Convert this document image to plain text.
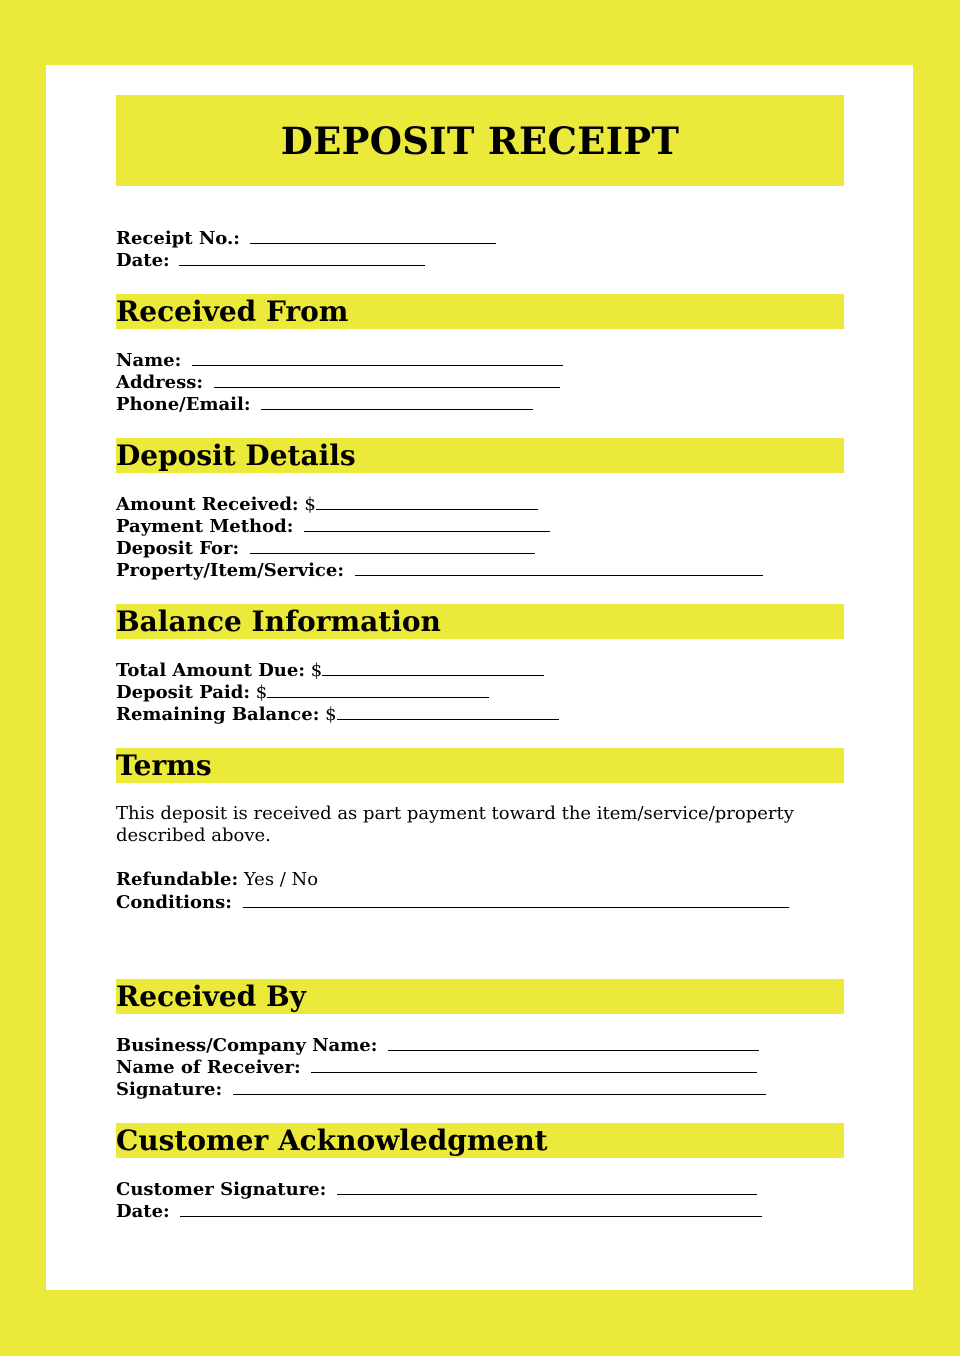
DEPOSIT RECEIPT
Receipt No.:
Date:
Received From
Name:
Address:
Phone/Email:
Deposit Details
Amount Received: $
Payment Method:
Deposit For:
Property/Item/Service:
Balance Information
Total Amount Due: $
Deposit Paid: $
Remaining Balance: $
Terms
This deposit is received as part payment toward the item/service/property described above.
Refundable: Yes / No
Conditions:
Received By
Business/Company Name:
Name of Receiver:
Signature:
Customer Acknowledgment
Customer Signature:
Date:
